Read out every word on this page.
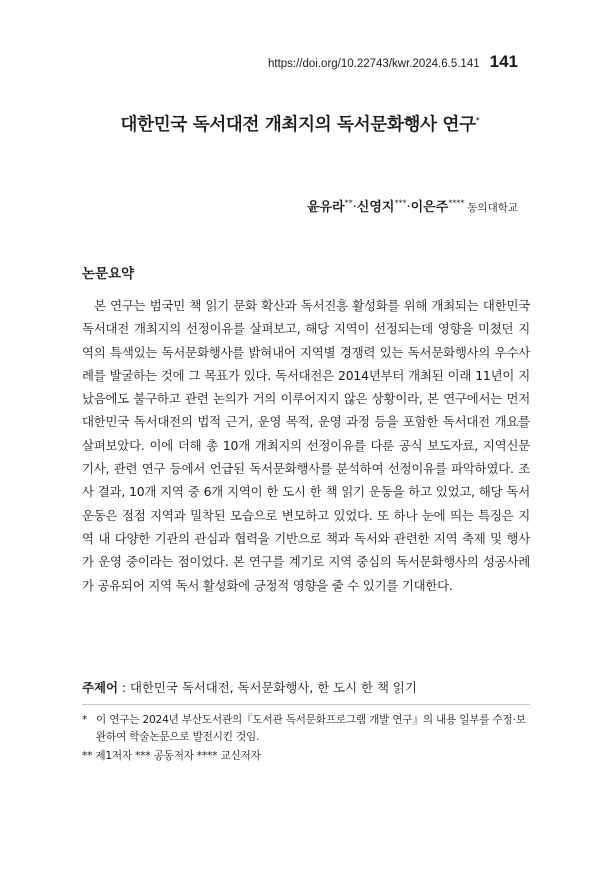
https://doi.org/10.22743/kwr.2024.6.5.141 141
대한민국 독서대전 개최지의 독서문화행사 연구*
윤유라**·신영지***·이은주**** 동의대학교
논문요약

본 연구는 범국민 책 읽기 문화 확산과 독서진흥 활성화를 위해 개최되는 대한민국 독서대전 개최지의 선정이유를 살펴보고, 해당 지역이 선정되는데 영향을 미쳤던 지역의 특색있는 독서문화행사를 밝혀내어 지역별 경쟁력 있는 독서문화행사의 우수사례를 발굴하는 것에 그 목표가 있다. 독서대전은 2014년부터 개최된 이래 11년이 지났음에도 불구하고 관련 논의가 거의 이루어지지 않은 상황이라, 본 연구에서는 먼저 대한민국 독서대전의 법적 근거, 운영 목적, 운영 과정 등을 포함한 독서대전 개요를 살펴보았다. 이에 더해 총 10개 개최지의 선정이유를 다룬 공식 보도자료, 지역신문기사, 관련 연구 등에서 언급된 독서문화행사를 분석하여 선정이유를 파악하였다. 조사 결과, 10개 지역 중 6개 지역이 한 도시 한 책 읽기 운동을 하고 있었고, 해당 독서운동은 점점 지역과 밀착된 모습으로 변모하고 있었다. 또 하나 눈에 띄는 특징은 지역 내 다양한 기관의 관심과 협력을 기반으로 책과 독서와 관련한 지역 축제 및 행사가 운영 중이라는 점이었다. 본 연구를 계기로 지역 중심의 독서문화행사의 성공사례가 공유되어 지역 독서 활성화에 긍정적 영향을 줄 수 있기를 기대한다.

주제어 : 대한민국 독서대전, 독서문화행사, 한 도시 한 책 읽기
* 이 연구는 2024년 부산도서관의『도서관 독서문화프로그램 개발 연구』의 내용 일부를 수정·보완하여 학술논문으로 발전시킨 것임.
** 제1저자 *** 공동저자 **** 교신저자
